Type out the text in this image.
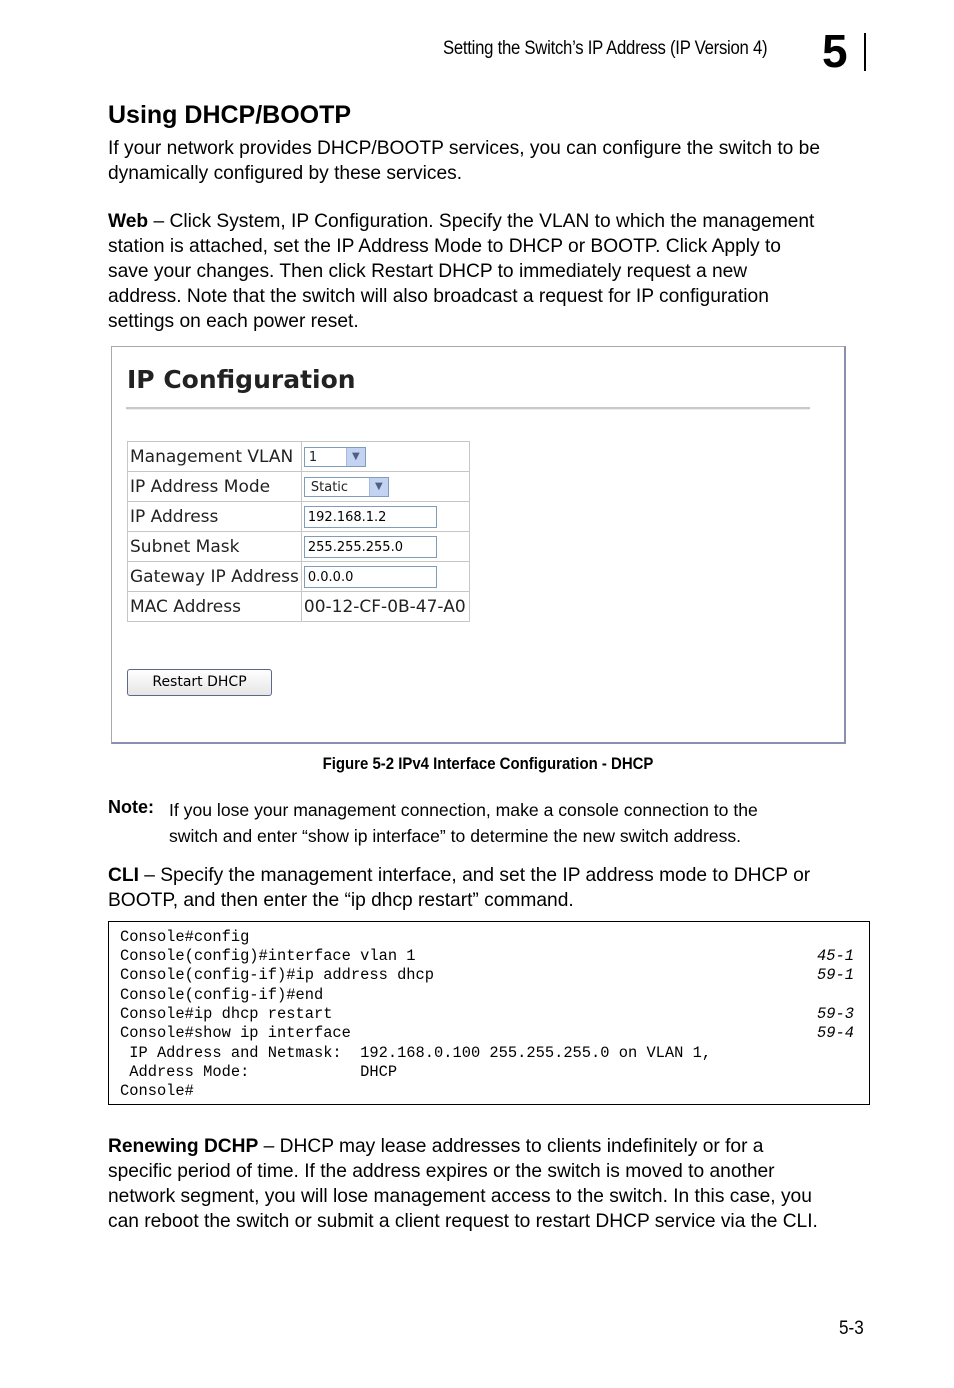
Setting the Switch’s IP Address (IP Version 4) 5
Using DHCP/BOOTP
If your network provides DHCP/BOOTP services, you can configure the switch to be
dynamically configured by these services.
Web – Click System, IP Configuration. Specify the VLAN to which the management
station is attached, set the IP Address Mode to DHCP or BOOTP. Click Apply to
save your changes. Then click Restart DHCP to immediately request a new
address. Note that the switch will also broadcast a request for IP configuration
settings on each power reset.
IP Configuration
Management VLAN	1 ▼

IP Address Mode	Static ▼

IP Address	192.168.1.2
Subnet Mask	255.255.255.0
Gateway IP Address	0.0.0.0
MAC Address	00-12-CF-0B-47-A0
Restart DHCP
Figure 5-2 IPv4 Interface Configuration - DHCP
Note: If you lose your management connection, make a console connection to the
switch and enter “show ip interface” to determine the new switch address.
CLI – Specify the management interface, and set the IP address mode to DHCP or
BOOTP, and then enter the “ip dhcp restart” command.
Console#config
Console(config)#interface vlan 1	45-1
Console(config-if)#ip address dhcp	59-1
Console(config-if)#end
Console#ip dhcp restart	59-3
Console#show ip interface	59-4
IP Address and Netmask:  192.168.0.100 255.255.255.0 on VLAN 1,
Address Mode:            DHCP
Console#
Renewing DCHP – DHCP may lease addresses to clients indefinitely or for a
specific period of time. If the address expires or the switch is moved to another
network segment, you will lose management access to the switch. In this case, you
can reboot the switch or submit a client request to restart DHCP service via the CLI.
5-3
